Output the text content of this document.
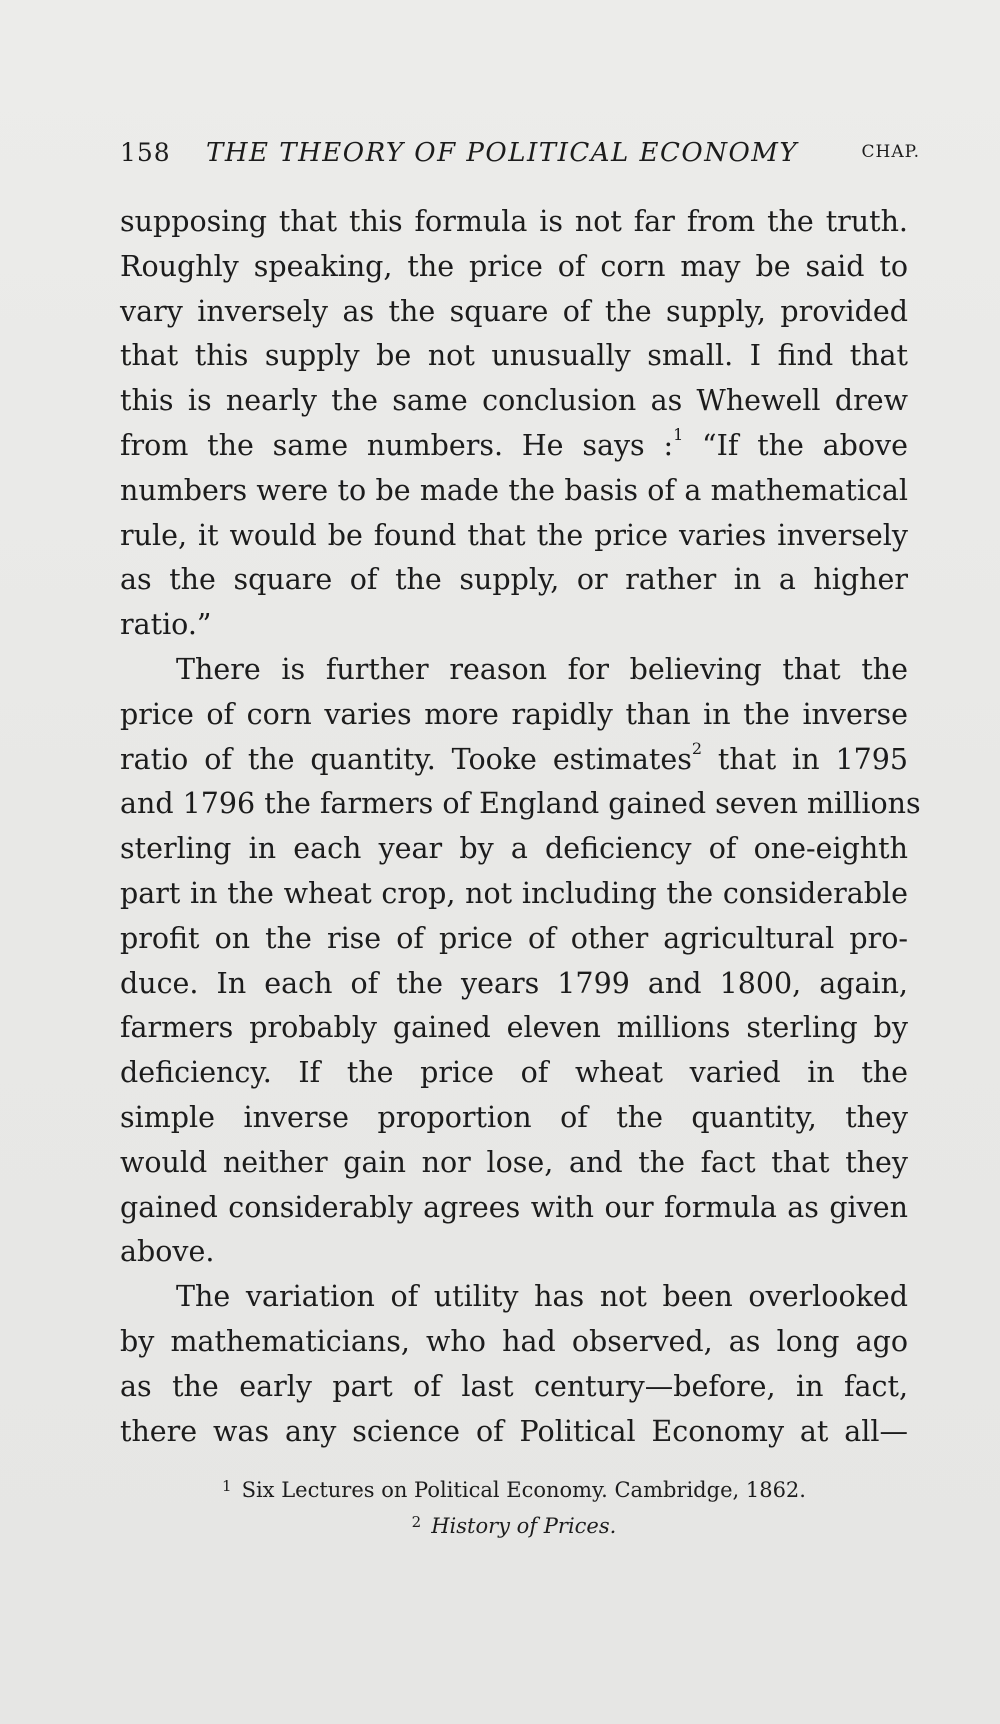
158 THE THEORY OF POLITICAL ECONOMY	CHAP.
supposing that this formula is not far from the truth.
Roughly speaking, the price of corn may be said to
vary inversely as the square of the supply, provided
that this supply be not unusually small. I find that
this is nearly the same conclusion as Whewell drew
from the same numbers. He says :$^1$ “If the above
numbers were to be made the basis of a mathematical
rule, it would be found that the price varies inversely
as the square of the supply, or rather in a higher
ratio.”
There is further reason for believing that the
price of corn varies more rapidly than in the inverse
ratio of the quantity. Tooke estimates$^2$ that in 1795
and 1796 the farmers of England gained seven millions
sterling in each year by a deficiency of one-eighth
part in the wheat crop, not including the considerable
profit on the rise of price of other agricultural pro-
duce. In each of the years 1799 and 1800, again,
farmers probably gained eleven millions sterling by
deficiency. If the price of wheat varied in the
simple inverse proportion of the quantity, they
would neither gain nor lose, and the fact that they
gained considerably agrees with our formula as given
above.
The variation of utility has not been overlooked
by mathematicians, who had observed, as long ago
as the early part of last century—before, in fact,
there was any science of Political Economy at all—
$^1$ Six Lectures on Political Economy. Cambridge, 1862.
$^2$ History of Prices.
